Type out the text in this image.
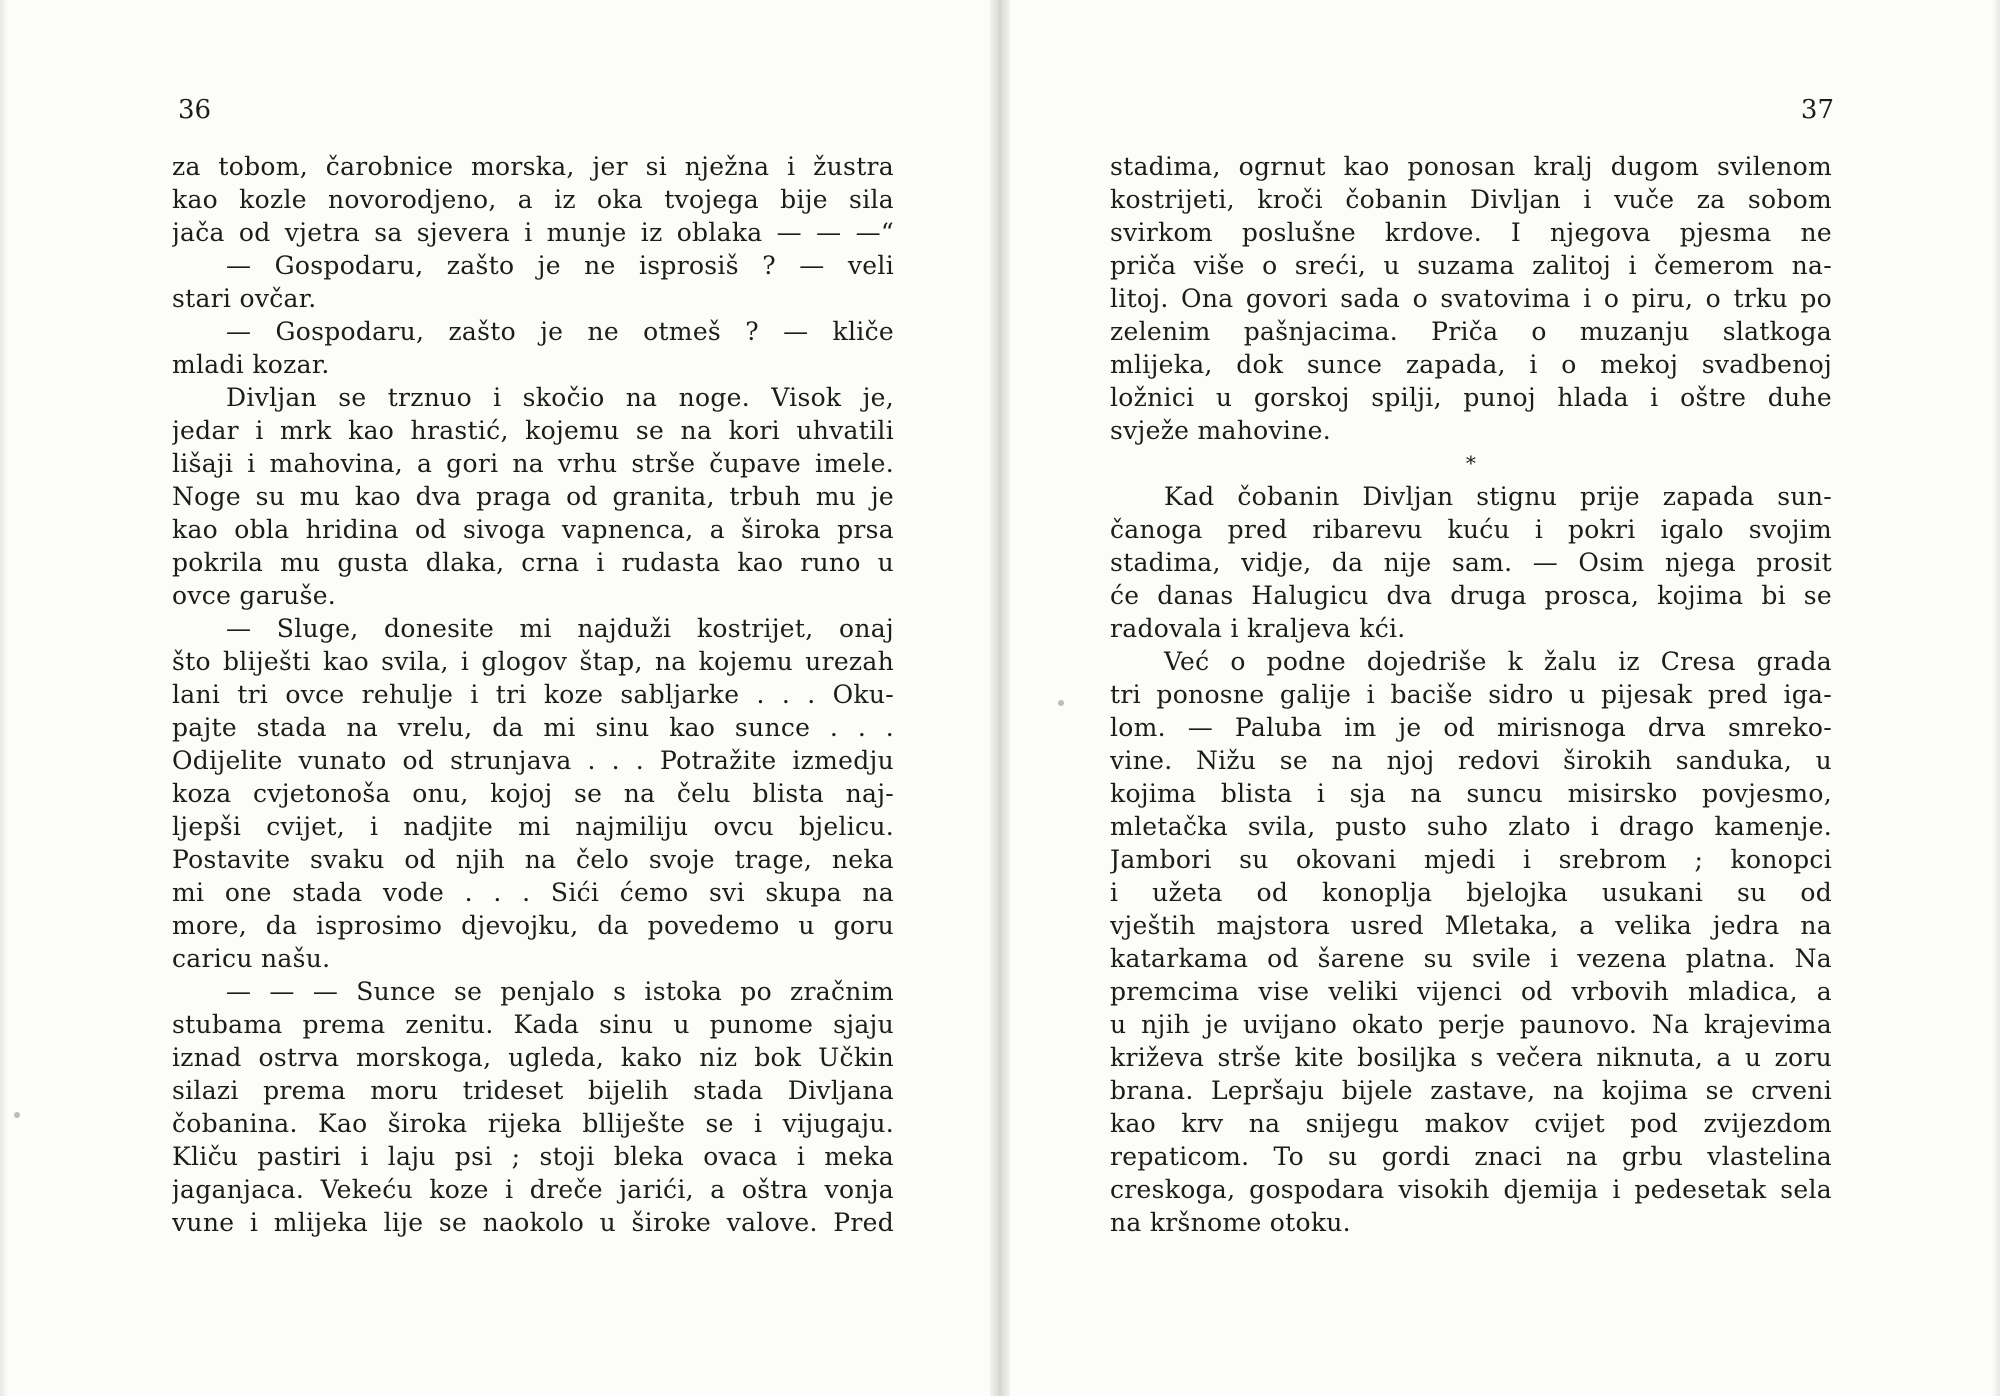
36
za tobom, čarobnice morska, jer si nježna i žustra
kao kozle novorodjeno, a iz oka tvojega bije sila
jača od vjetra sa sjevera i munje iz oblaka — — —“
— Gospodaru, zašto je ne isprosiš ? — veli
stari ovčar.
— Gospodaru, zašto je ne otmeš ? — kliče
mladi kozar.
Divljan se trznuo i skočio na noge. Visok je,
jedar i mrk kao hrastić, kojemu se na kori uhvatili
lišaji i mahovina, a gori na vrhu strše čupave imele.
Noge su mu kao dva praga od granita, trbuh mu je
kao obla hridina od sivoga vapnenca, a široka prsa
pokrila mu gusta dlaka, crna i rudasta kao runo u
ovce garuše.
— Sluge, donesite mi najduži kostrijet, onaj
što bliješti kao svila, i glogov štap, na kojemu urezah
lani tri ovce rehulje i tri koze sabljarke . . . Oku-
pajte stada na vrelu, da mi sinu kao sunce . . .
Odijelite vunato od strunjava . . . Potražite izmedju
koza cvjetonoša onu, kojoj se na čelu blista naj-
ljepši cvijet, i nadjite mi najmiliju ovcu bjelicu.
Postavite svaku od njih na čelo svoje trage, neka
mi one stada vode . . . Sići ćemo svi skupa na
more, da isprosimo djevojku, da povedemo u goru
caricu našu.
— — — Sunce se penjalo s istoka po zračnim
stubama prema zenitu. Kada sinu u punome sjaju
iznad ostrva morskoga, ugleda, kako niz bok Učkin
silazi prema moru trideset bijelih stada Divljana
čobanina. Kao široka rijeka blliješte se i vijugaju.
Kliču pastiri i laju psi ; stoji bleka ovaca i meka
jaganjaca. Vekeću koze i dreče jarići, a oštra vonja
vune i mlijeka lije se naokolo u široke valove. Pred
37
stadima, ogrnut kao ponosan kralj dugom svilenom
kostrijeti, kroči čobanin Divljan i vuče za sobom
svirkom poslušne krdove. I njegova pjesma ne
priča više o sreći, u suzama zalitoj i čemerom na-
litoj. Ona govori sada o svatovima i o piru, o trku po
zelenim pašnjacima. Priča o muzanju slatkoga
mlijeka, dok sunce zapada, i o mekoj svadbenoj
ložnici u gorskoj spilji, punoj hlada i oštre duhe
svježe mahovine.
*
Kad čobanin Divljan stignu prije zapada sun-
čanoga pred ribarevu kuću i pokri igalo svojim
stadima, vidje, da nije sam. — Osim njega prosit
će danas Halugicu dva druga prosca, kojima bi se
radovala i kraljeva kći.
Već o podne dojedriše k žalu iz Cresa grada
tri ponosne galije i baciše sidro u pijesak pred iga-
lom. — Paluba im je od mirisnoga drva smreko-
vine. Nižu se na njoj redovi širokih sanduka, u
kojima blista i sja na suncu misirsko povjesmo,
mletačka svila, pusto suho zlato i drago kamenje.
Jambori su okovani mjedi i srebrom ; konopci
i užeta od konoplja bjelojka usukani su od
vještih majstora usred Mletaka, a velika jedra na
katarkama od šarene su svile i vezena platna. Na
premcima vise veliki vijenci od vrbovih mladica, a
u njih je uvijano okato perje paunovo. Na krajevima
križeva strše kite bosiljka s večera niknuta, a u zoru
brana. Lepršaju bijele zastave, na kojima se crveni
kao krv na snijegu makov cvijet pod zvijezdom
repaticom. To su gordi znaci na grbu vlastelina
creskoga, gospodara visokih djemija i pedesetak sela
na kršnome otoku.
